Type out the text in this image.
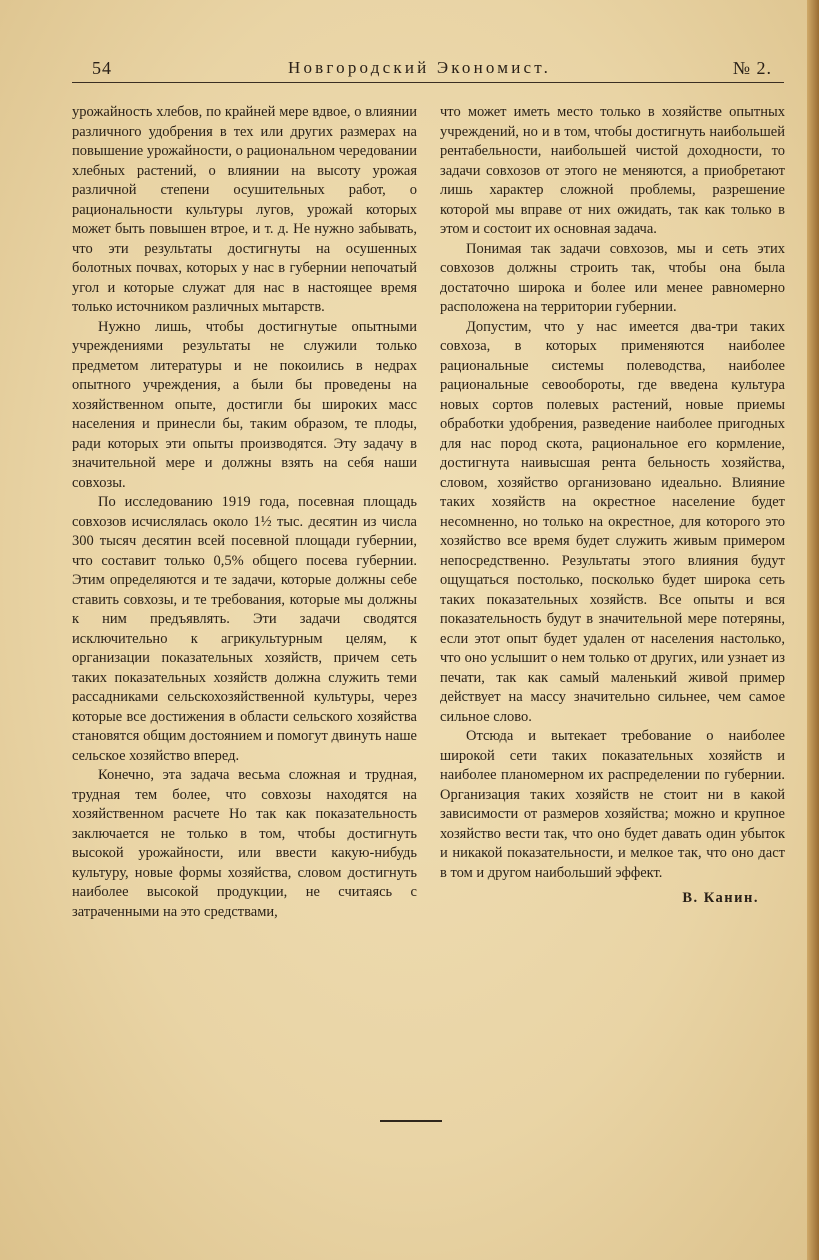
54	Новгородский Экономист.	№ 2.

урожайность хлебов, по крайней мере вдвое, о влиянии различного удобрения в тех или других размерах на повышение урожайности, о рациональном чередовании хлебных растений, о влиянии на высоту урожая различной степени осушительных работ, о рациональности культуры лугов, урожай которых может быть повышен втрое, и т. д. Не нужно забывать, что эти результаты достигнуты на осушенных болотных почвах, которых у нас в губернии непочатый угол и которые служат для нас в настоящее время только источником различных мытарств.

Нужно лишь, чтобы достигнутые опытными учреждениями результаты не служили только предметом литературы и не покоились в недрах опытного учреждения, а были бы проведены на хозяйственном опыте, достигли бы широких масс населения и принесли бы, таким образом, те плоды, ради которых эти опыты производятся. Эту задачу в значительной мере и должны взять на себя наши совхозы.

По исследованию 1919 года, посевная площадь совхозов исчислялась около 1½ тыс. десятин из числа 300 тысяч десятин всей посевной площади губернии, что составит только 0,5% общего посева губернии. Этим определяются и те задачи, которые должны себе ставить совхозы, и те требования, которые мы должны к ним предъявлять. Эти задачи сводятся исключительно к агрикультурным целям, к организации показательных хозяйств, причем сеть таких показательных хозяйств должна служить теми рассадниками сельскохозяйственной культуры, через которые все достижения в области сельского хозяйства становятся общим достоянием и помогут двинуть наше сельское хозяйство вперед.

Конечно, эта задача весьма сложная и трудная, трудная тем более, что совхозы находятся на хозяйственном расчете Но так как показательность заключается не только в том, чтобы достигнуть высокой урожайности, или ввести какую-нибудь культуру, новые формы хозяйства, словом достигнуть наиболее высокой продукции, не считаясь с затраченными на это средствами,

что может иметь место только в хозяйстве опытных учреждений, но и в том, чтобы достигнуть наибольшей рентабельности, наибольшей чистой доходности, то задачи совхозов от этого не меняются, а приобретают лишь характер сложной проблемы, разрешение которой мы вправе от них ожидать, так как только в этом и состоит их основная задача.

Понимая так задачи совхозов, мы и сеть этих совхозов должны строить так, чтобы она была достаточно широка и более или менее равномерно расположена на территории губернии.

Допустим, что у нас имеется два-три таких совхоза, в которых применяются наиболее рациональные системы полеводства, наиболее рациональные севообороты, где введена культура новых сортов полевых растений, новые приемы обработки удобрения, разведение наиболее пригодных для нас пород скота, рациональное его кормление, достигнута наивысшая рента бельность хозяйства, словом, хозяйство организовано идеально. Влияние таких хозяйств на окрестное население будет несомненно, но только на окрестное, для которого это хозяйство все время будет служить живым примером непосредственно. Результаты этого влияния будут ощущаться постолько, посколько будет широка сеть таких показательных хозяйств. Все опыты и вся показательность будут в значительной мере потеряны, если этот опыт будет удален от населения настолько, что оно услышит о нем только от других, или узнает из печати, так как самый маленький живой пример действует на массу значительно сильнее, чем самое сильное слово.

Отсюда и вытекает требование о наиболее широкой сети таких показательных хозяйств и наиболее планомерном их распределении по губернии. Организация таких хозяйств не стоит ни в какой зависимости от размеров хозяйства; можно и крупное хозяйство вести так, что оно будет давать один убыток и никакой показательности, и мелкое так, что оно даст в том и другом наибольший эффект.

В. Канин.
